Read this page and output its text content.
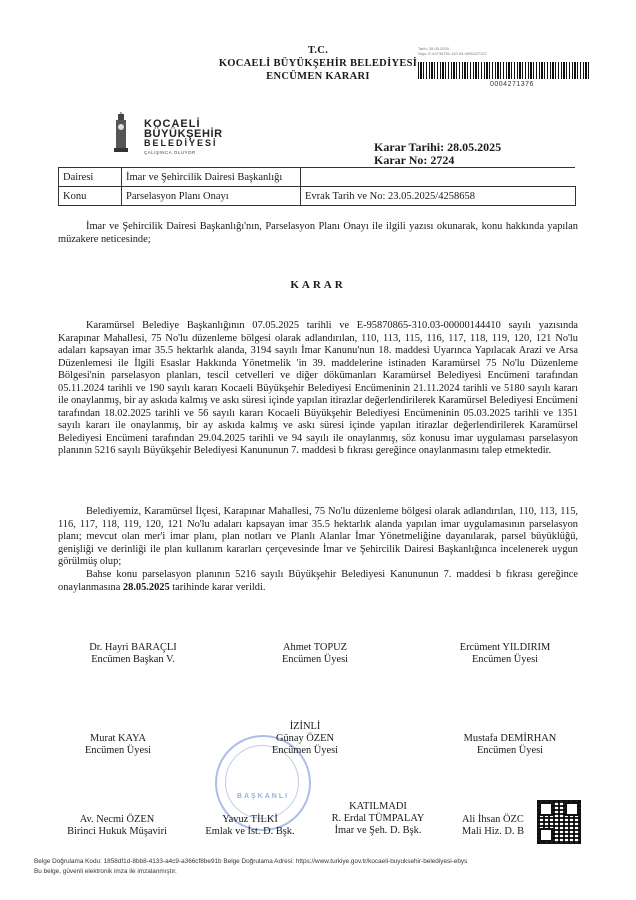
T.C.
KOCAELİ BÜYÜKŞEHİR BELEDİYESİ
ENCÜMEN KARARI
Tarih: 28.05.2025
Sayı: E-44735751-110.04-0000427137
0004271376
KOCAELİ
BÜYÜKŞEHİR
BELEDİYESİ
ÇALIŞINCA OLUYOR	Karar Tarihi: 28.05.2025
Karar No: 2724
Dairesi	İmar ve Şehircilik Dairesi Başkanlığı	
Konu	Parselasyon Planı Onayı	Evrak Tarih ve No: 23.05.2025/4258658
İmar ve Şehircilik Dairesi Başkanlığı'nın, Parselasyon Planı Onayı ile ilgili yazısı okunarak, konu hakkında yapılan müzakere neticesinde;
KARAR
Karamürsel Belediye Başkanlığının 07.05.2025 tarihli ve E-95870865-310.03-00000144410 sayılı yazısında Karapınar Mahallesi, 75 No'lu düzenleme bölgesi olarak adlandırılan, 110, 113, 115, 116, 117, 118, 119, 120, 121 No'lu adaları kapsayan imar 35.5 hektarlık alanda, 3194 sayılı İmar Kanunu'nun 18. maddesi Uyarınca Yapılacak Arazi ve Arsa Düzenlemesi ile İlgili Esaslar Hakkında Yönetmelik 'in 39. maddelerine istinaden Karamürsel 75 No'lu Düzenleme Bölgesi'nin parselasyon planları, tescil cetvelleri ve diğer dökümanları Karamürsel Belediyesi Encümeni tarafından 05.11.2024 tarihli ve 190 sayılı kararı Kocaeli Büyükşehir Belediyesi Encümeninin 21.11.2024 tarihli ve 5180 sayılı kararı ile onaylanmış, bir ay askıda kalmış ve askı süresi içinde yapılan itirazlar değerlendirilerek Karamürsel Belediyesi Encümeni tarafından 18.02.2025 tarihli ve 56 sayılı kararı Kocaeli Büyükşehir Belediyesi Encümeninin 05.03.2025 tarihli ve 1351 sayılı kararı ile onaylanmış, bir ay askıda kalmış ve askı süresi içinde yapılan itirazlar değerlendirilerek Karamürsel Belediyesi Encümeni tarafından 29.04.2025 tarihli ve 94 sayılı ile onaylanmış, söz konusu imar uygulaması parselasyon planının 5216 sayılı Büyükşehir Belediyesi Kanununun 7. maddesi b fıkrası gereğince onaylanmasını talep etmektedir.
Belediyemiz, Karamürsel İlçesi, Karapınar Mahallesi, 75 No'lu düzenleme bölgesi olarak adlandırılan, 110, 113, 115, 116, 117, 118, 119, 120, 121 No'lu adaları kapsayan imar 35.5 hektarlık alanda yapılan imar uygulamasının parselasyon planı; mevcut olan mer'i imar planı, plan notları ve Planlı Alanlar İmar Yönetmeliğine dayanılarak, parsel büyüklüğü, genişliği ve derinliği ile plan kullanım kararları çerçevesinde İmar ve Şehircilik Dairesi Başkanlığınca incelenerek uygun görülmüş olup;
Bahse konu parselasyon planının 5216 sayılı Büyükşehir Belediyesi Kanununun 7. maddesi b fıkrası gereğince onaylanmasına 28.05.2025 tarihinde karar verildi.
BAŞKANLI
Dr. Hayri BARAÇLI
Encümen Başkan V.
Ahmet TOPUZ
Encümen Üyesi
Ercüment YILDIRIM
Encümen Üyesi
Murat KAYA
Encümen Üyesi
İZİNLİ
Günay ÖZEN
Encümen Üyesi
Mustafa DEMİRHAN
Encümen Üyesi
Av. Necmi ÖZEN
Birinci Hukuk Müşaviri
Yavuz TİLKİ
Emlak ve İst. D. Bşk.
KATILMADI
R. Erdal TÜMPALAY
İmar ve Şeh. D. Bşk.
Ali İhsan ÖZC
Mali Hiz. D. B
Belge Doğrulama Kodu: 1858df1d-8bb8-4133-a4c9-a366cf8be91b Belge Doğrulama Adresi: https://www.turkiye.gov.tr/kocaeli-buyuksehir-belediyesi-ebys
Bu belge, güvenli elektronik imza ile imzalanmıştır.
